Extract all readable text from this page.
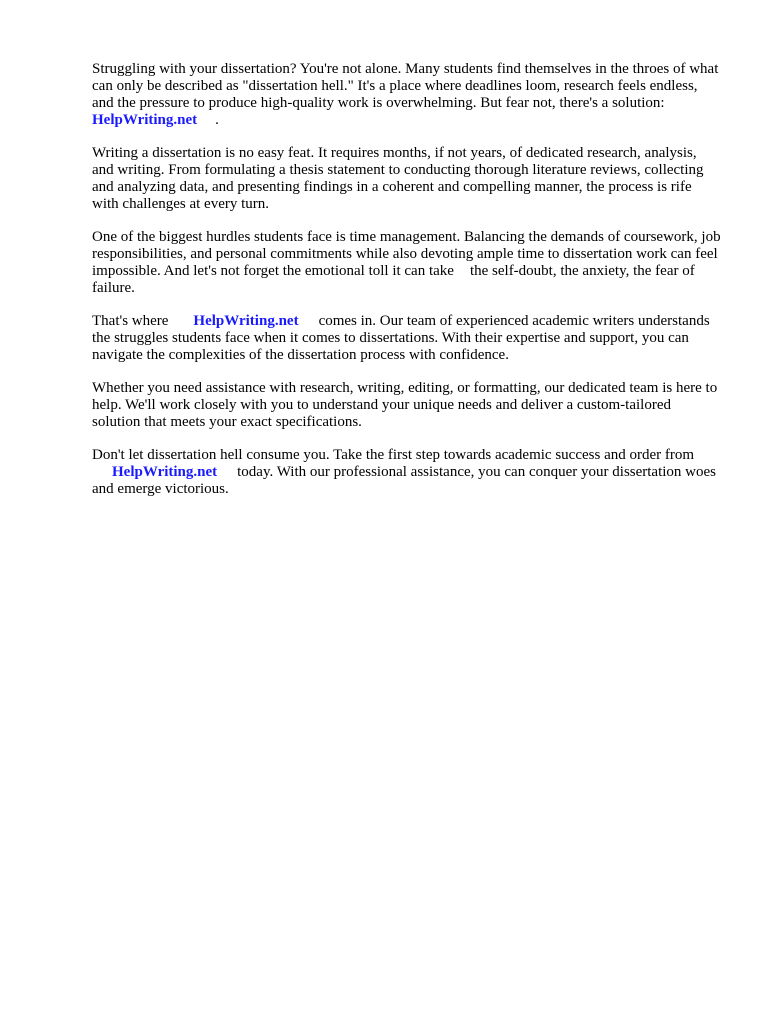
Struggling with your dissertation? You're not alone. Many students find themselves in the throes of what can only be described as "dissertation hell." It's a place where deadlines loom, research feels endless, and the pressure to produce high-quality work is overwhelming. But fear not, there's a solution:HelpWriting.net .

Writing a dissertation is no easy feat. It requires months, if not years, of dedicated research, analysis, and writing. From formulating a thesis statement to conducting thorough literature reviews, collecting and analyzing data, and presenting findings in a coherent and compelling manner, the process is rife with challenges at every turn.

One of the biggest hurdles students face is time management. Balancing the demands of coursework, job responsibilities, and personal commitments while also devoting ample time to dissertation work can feel impossible. And let's not forget the emotional toll it can take the self-doubt, the anxiety, the fear of failure.

That's where HelpWriting.net comes in. Our team of experienced academic writers understands the struggles students face when it comes to dissertations. With their expertise and support, you can navigate the complexities of the dissertation process with confidence.

Whether you need assistance with research, writing, editing, or formatting, our dedicated team is here to help. We'll work closely with you to understand your unique needs and deliver a custom-tailored solution that meets your exact specifications.

Don't let dissertation hell consume you. Take the first step towards academic success and order from
HelpWriting.net today. With our professional assistance, you can conquer your dissertation woes and emerge victorious.
